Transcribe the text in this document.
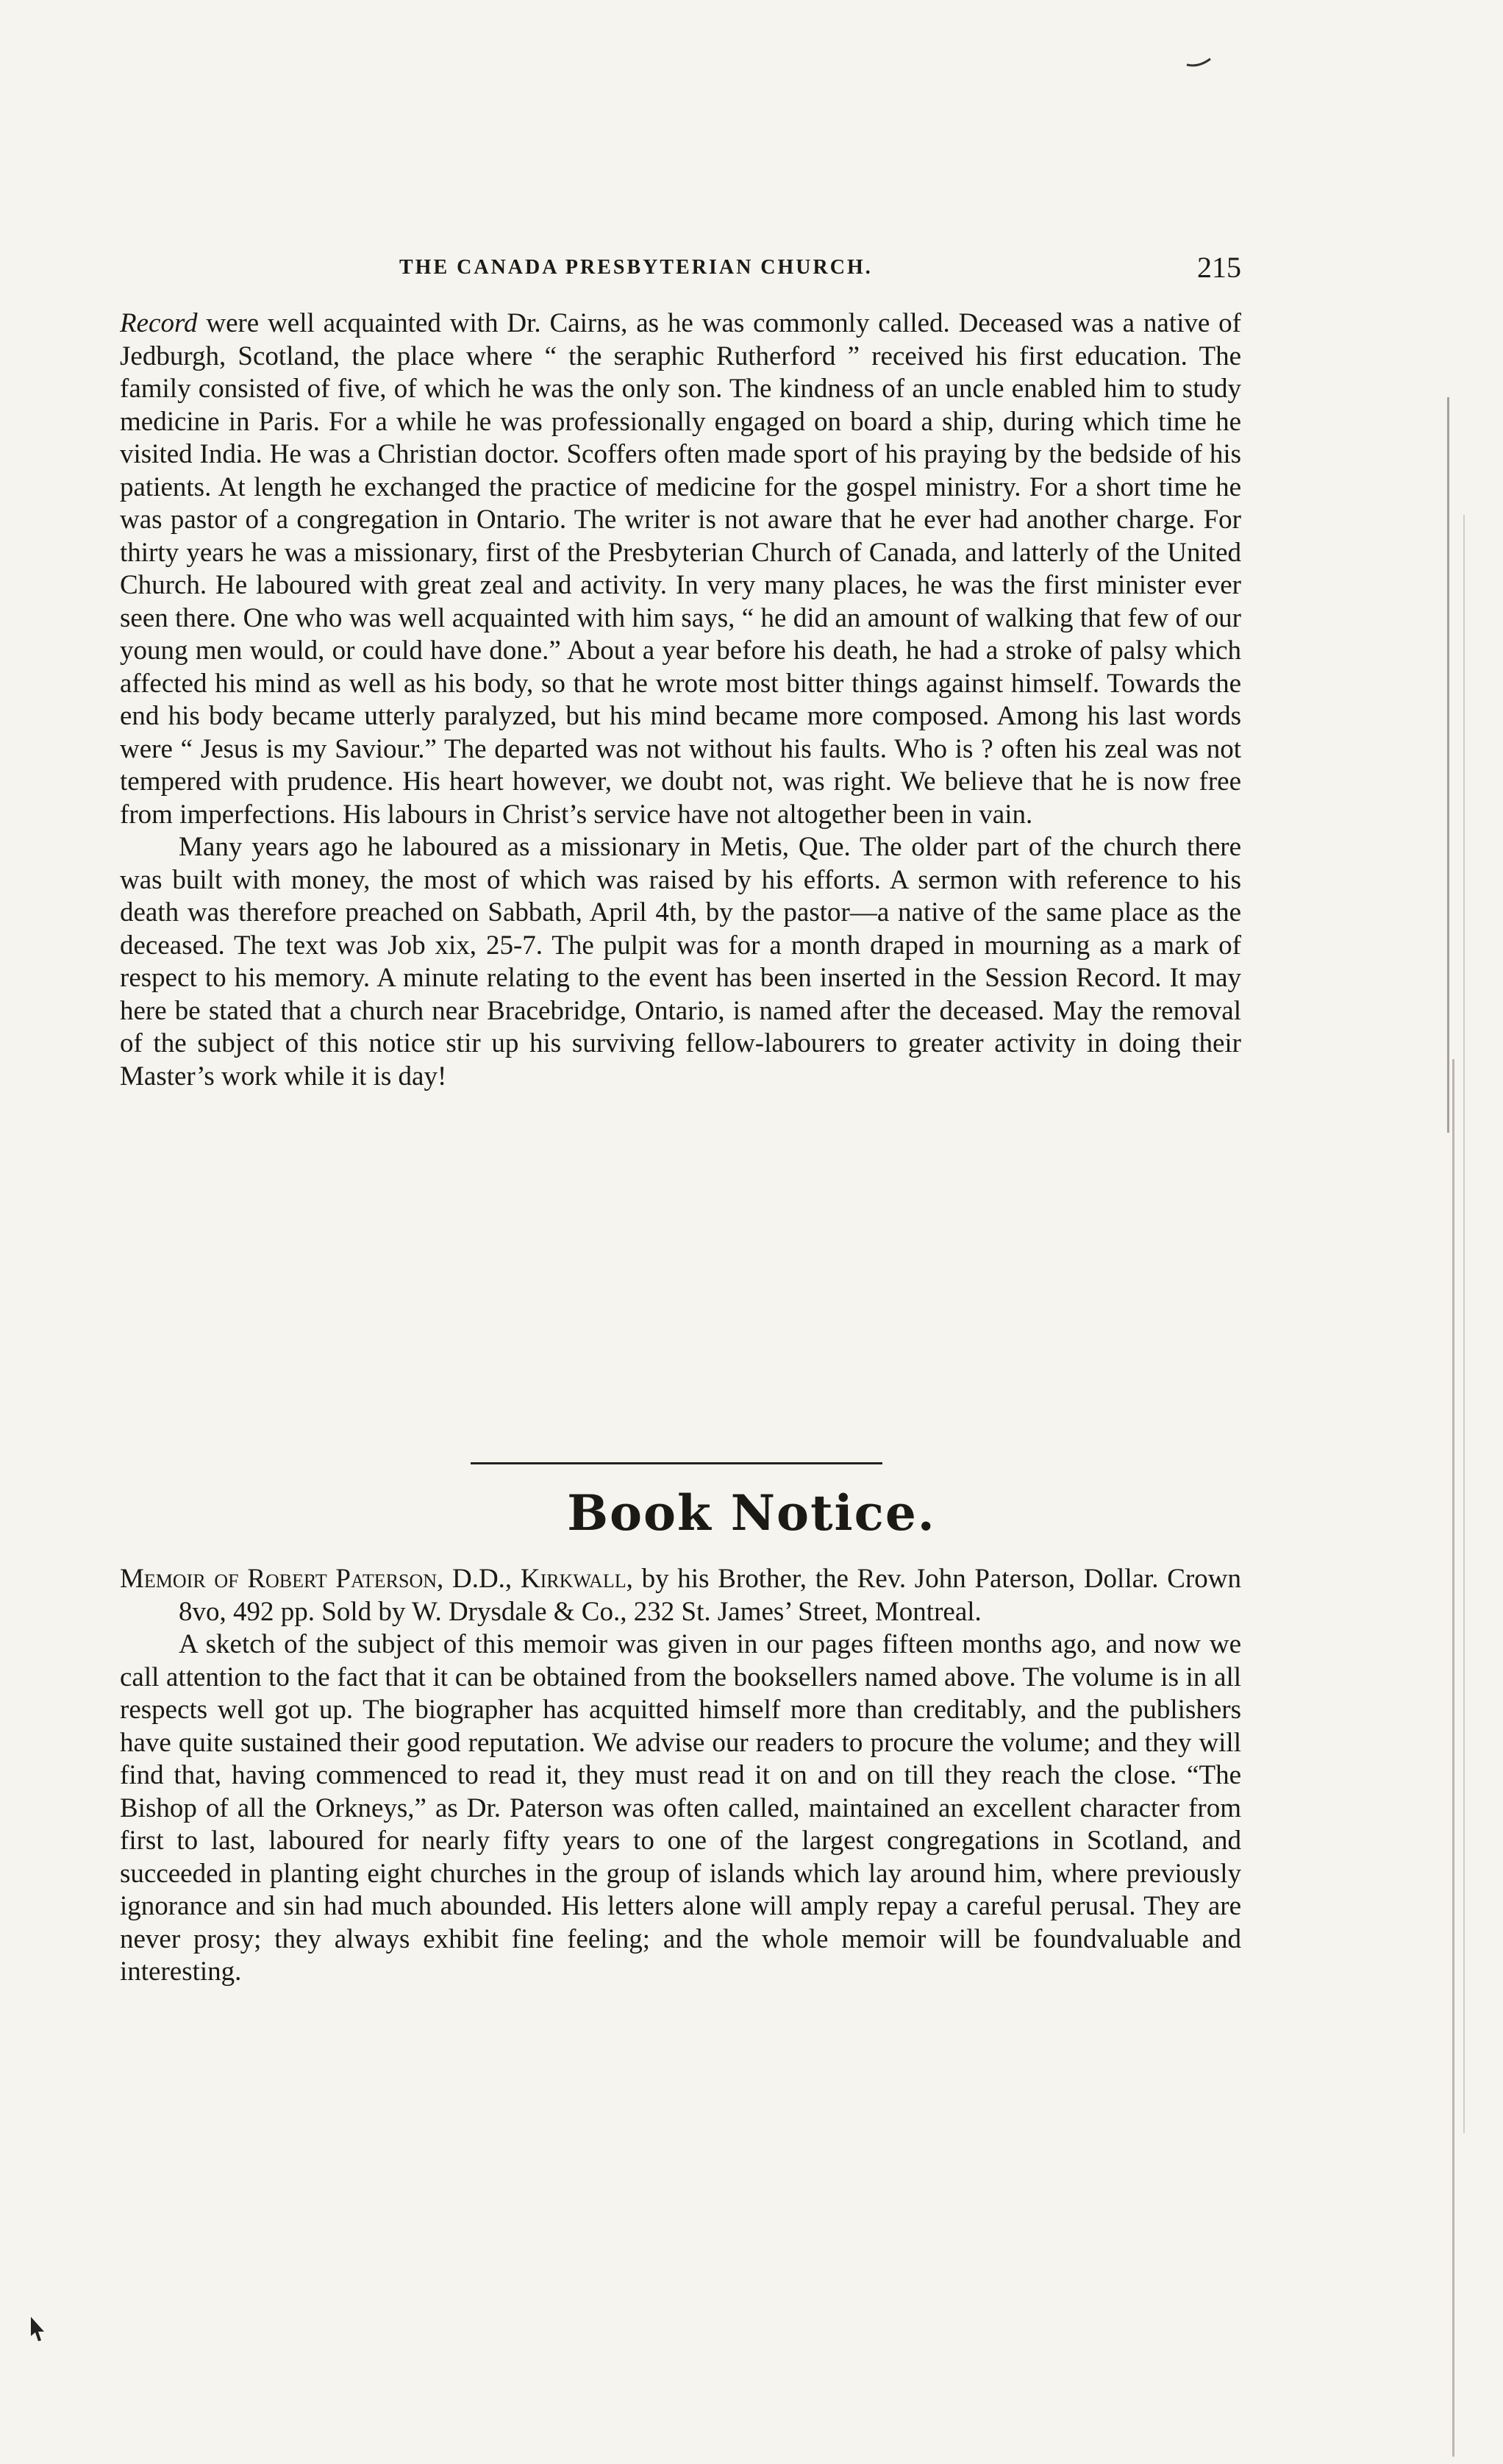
THE CANADA PRESBYTERIAN CHURCH.	215

Record were well acquainted with Dr. Cairns, as he was commonly called. Deceased was a native of Jedburgh, Scotland, the place where “ the seraphic Rutherford ” received his first education. The family consisted of five, of which he was the only son. The kindness of an uncle enabled him to study medicine in Paris. For a while he was professionally engaged on board a ship, during which time he visited India. He was a Christian doctor. Scoffers often made sport of his praying by the bedside of his patients. At length he exchanged the practice of medicine for the gospel ministry. For a short time he was pastor of a congregation in Ontario. The writer is not aware that he ever had another charge. For thirty years he was a missionary, first of the Presbyterian Church of Canada, and latterly of the United Church. He laboured with great zeal and activity. In very many places, he was the first minister ever seen there. One who was well acquainted with him says, “ he did an amount of walking that few of our young men would, or could have done.” About a year before his death, he had a stroke of palsy which affected his mind as well as his body, so that he wrote most bitter things against himself. Towards the end his body became utterly paralyzed, but his mind became more composed. Among his last words were “ Jesus is my Saviour.” The departed was not without his faults. Who is ? often his zeal was not tempered with prudence. His heart however, we doubt not, was right. We believe that he is now free from imperfections. His labours in Christ’s service have not altogether been in vain.

Many years ago he laboured as a missionary in Metis, Que. The older part of the church there was built with money, the most of which was raised by his efforts. A sermon with reference to his death was therefore preached on Sabbath, April 4th, by the pastor—a native of the same place as the deceased. The text was Job xix, 25-7. The pulpit was for a month draped in mourning as a mark of respect to his memory. A minute relating to the event has been inserted in the Session Record. It may here be stated that a church near Bracebridge, Ontario, is named after the deceased. May the removal of the subject of this notice stir up his surviving fellow-labourers to greater activity in doing their Master’s work while it is day!

Book Notice.

Memoir of Robert Paterson, D.D., Kirkwall, by his Brother, the Rev. John Paterson, Dollar. Crown 8vo, 492 pp. Sold by W. Drysdale & Co., 232 St. James’ Street, Montreal.

A sketch of the subject of this memoir was given in our pages fifteen months ago, and now we call attention to the fact that it can be obtained from the booksellers named above. The volume is in all respects well got up. The biographer has acquitted himself more than creditably, and the publishers have quite sustained their good reputation. We advise our readers to procure the volume; and they will find that, having commenced to read it, they must read it on and on till they reach the close. “The Bishop of all the Orkneys,” as Dr. Paterson was often called, maintained an excellent character from first to last, laboured for nearly fifty years to one of the largest congregations in Scotland, and succeeded in planting eight churches in the group of islands which lay around him, where previously ignorance and sin had much abounded. His letters alone will amply repay a careful perusal. They are never prosy; they always exhibit fine feeling; and the whole memoir will be foundvaluable and interesting.
